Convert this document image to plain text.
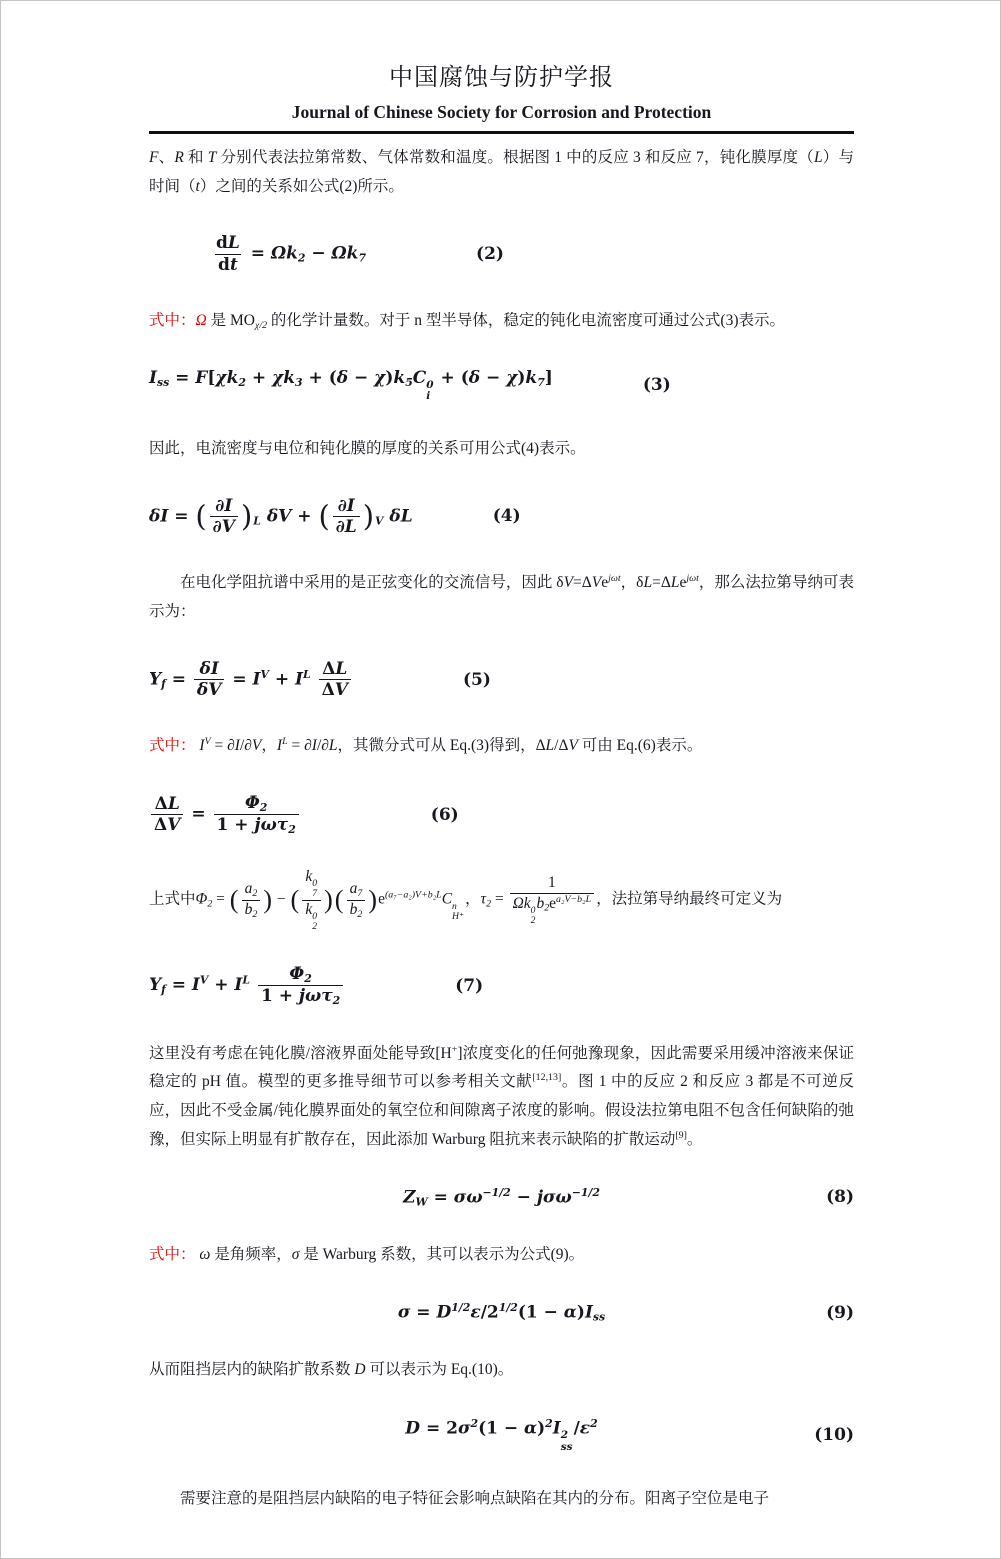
中国腐蚀与防护学报
Journal of Chinese Society for Corrosion and Protection

F、R 和 T 分别代表法拉第常数、气体常数和温度。根据图 1 中的反应 3 和反应 7，钝化膜厚度（L）与时间（t）之间的关系如公式(2)所示。

$\frac{dL}{dt} = \Omega k2 - \Omega k7$	(2)

式中：Ω 是 MOχ/2 的化学计量数。对于 n 型半导体，稳定的钝化电流密度可通过公式(3)表示。

Iss = F[χk2 + χk3 + (δ − χ)k5C 0
i
+ (δ − χ)k7]	(3)

因此，电流密度与电位和钝化膜的厚度的关系可用公式(4)表示。

δI = ( $\frac{\partial I}{\partial V} )L$ δV + ( $\frac{\partial I}{\partial L} )V$ δL	(4)

在电化学阻抗谱中采用的是正弦变化的交流信号，因此 δV=ΔVe$^{j\omega t}$，δL=ΔLe$^{j\omega t}$，那么法拉第导纳可表示为：

$Yf = \frac{\delta I}{\delta V} = I^V + I^L \frac{\Delta L}{\Delta V}$	(5)

式中： $I^V = \partial I/\partial V$，$I^L = \partial I/\partial L$，其微分式可从 Eq.(3)得到，ΔL/ΔV 可由 Eq.(6)表示。

$\frac{\Delta L}{\Delta V} = \frac{\Phi 2}{\text{1 + jωτ2}}$	(6)

上式中Φ2 = ( $\frac{a2}{b2}$ ) − ( k 0
7
k 0
2 )( $\frac{a7}{b2} )e^{(a_7-a_2)V+b_2L}C$ n
H⁺
，τ2 = 1
Ωk 0
2
$b2e^{a_2V-b_2L}$ ，法拉第导纳最终可定义为

$Yf = I^V + I^L \frac{\Phi 2}{\text{1 + jωτ2}}$	(7)

这里没有考虑在钝化膜/溶液界面处能导致[H+]浓度变化的任何弛豫现象，因此需要采用缓冲溶液来保证稳定的 pH 值。模型的更多推导细节可以参考相关文献[12,13]。图 1 中的反应 2 和反应 3 都是不可逆反应，因此不受金属/钝化膜界面处的氧空位和间隙离子浓度的影响。假设法拉第电阻不包含任何缺陷的弛豫，但实际上明显有扩散存在，因此添加 Warburg 阻抗来表示缺陷的扩散运动[9]。

ZW = $\sigma\omega^{-1/2} - j\sigma\omega^{-1/2}$	(8)

式中： ω 是角频率，σ 是 Warburg 系数，其可以表示为公式(9)。

$\sigma = D^{1/2}\varepsilon/2^{1/2}(1 - \alpha)Iss$	(9)

从而阻挡层内的缺陷扩散系数 D 可以表示为 Eq.(10)。

$D = 2\sigma^2(1 - \alpha)^2I$ 2
ss
$/\varepsilon^2$
(10)

需要注意的是阻挡层内缺陷的电子特征会影响点缺陷在其内的分布。阳离子空位是电子
